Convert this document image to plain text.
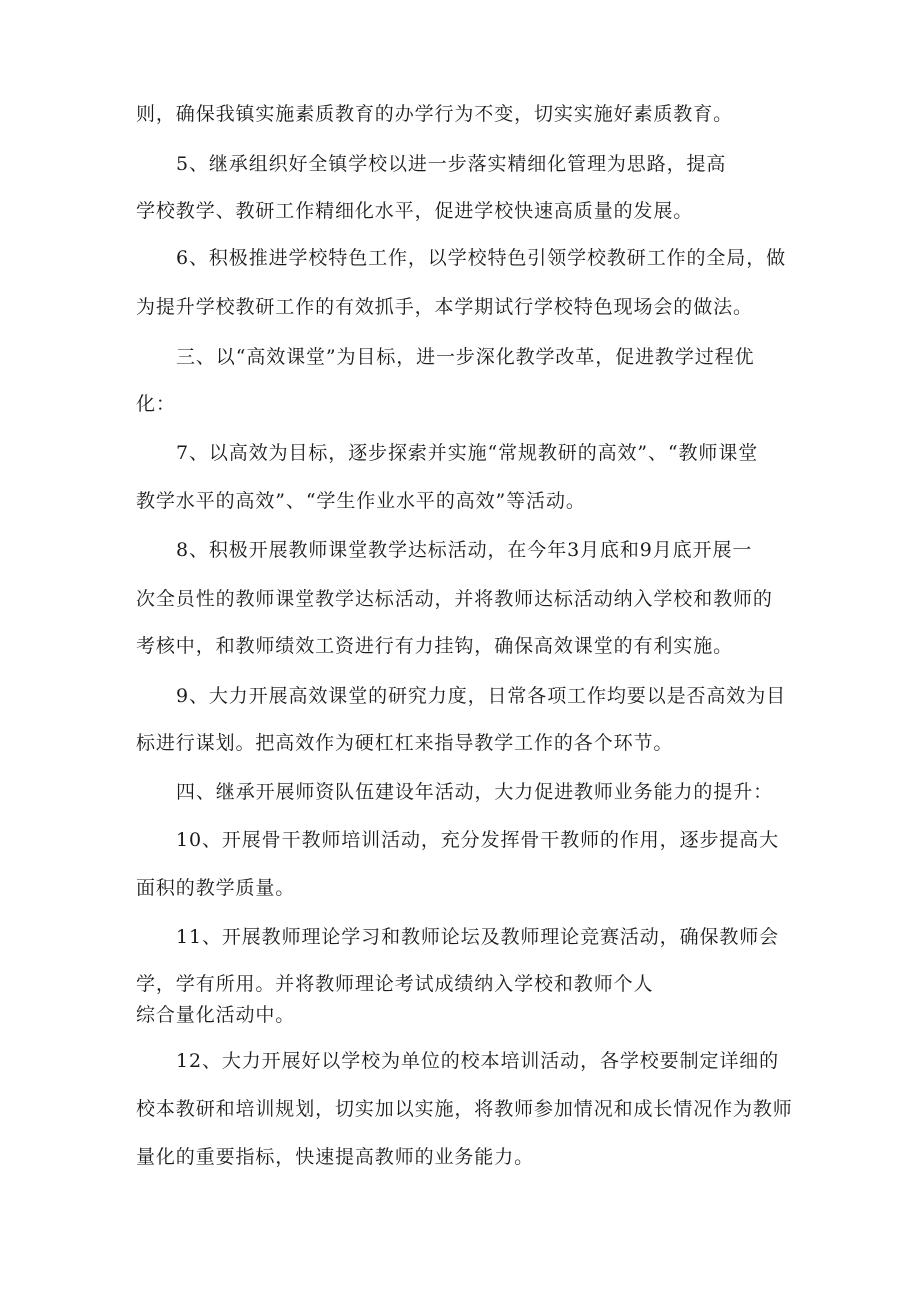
则，确保我镇实施素质教育的办学行为不变，切实实施好素质教育。
5、继承组织好全镇学校以进一步落实精细化管理为思路，提高
学校教学、教研工作精细化水平，促进学校快速高质量的发展。
6、积极推进学校特色工作，以学校特色引领学校教研工作的全局，做
为提升学校教研工作的有效抓手，本学期试行学校特色现场会的做法。
三、以“高效课堂”为目标，进一步深化教学改革，促进教学过程优
化：
7、以高效为目标，逐步探索并实施“常规教研的高效”、“教师课堂
教学水平的高效”、“学生作业水平的高效”等活动。
8、积极开展教师课堂教学达标活动，在今年3月底和9月底开展一
次全员性的教师课堂教学达标活动，并将教师达标活动纳入学校和教师的
考核中，和教师绩效工资进行有力挂钩，确保高效课堂的有利实施。
9、大力开展高效课堂的研究力度，日常各项工作均要以是否高效为目
标进行谋划。把高效作为硬杠杠来指导教学工作的各个环节。
四、继承开展师资队伍建设年活动，大力促进教师业务能力的提升：
10、开展骨干教师培训活动，充分发挥骨干教师的作用，逐步提高大
面积的教学质量。
11、开展教师理论学习和教师论坛及教师理论竞赛活动，确保教师会
学，学有所用。并将教师理论考试成绩纳入学校和教师个人
综合量化活动中。
12、大力开展好以学校为单位的校本培训活动，各学校要制定详细的
校本教研和培训规划，切实加以实施，将教师参加情况和成长情况作为教师
量化的重要指标，快速提高教师的业务能力。
